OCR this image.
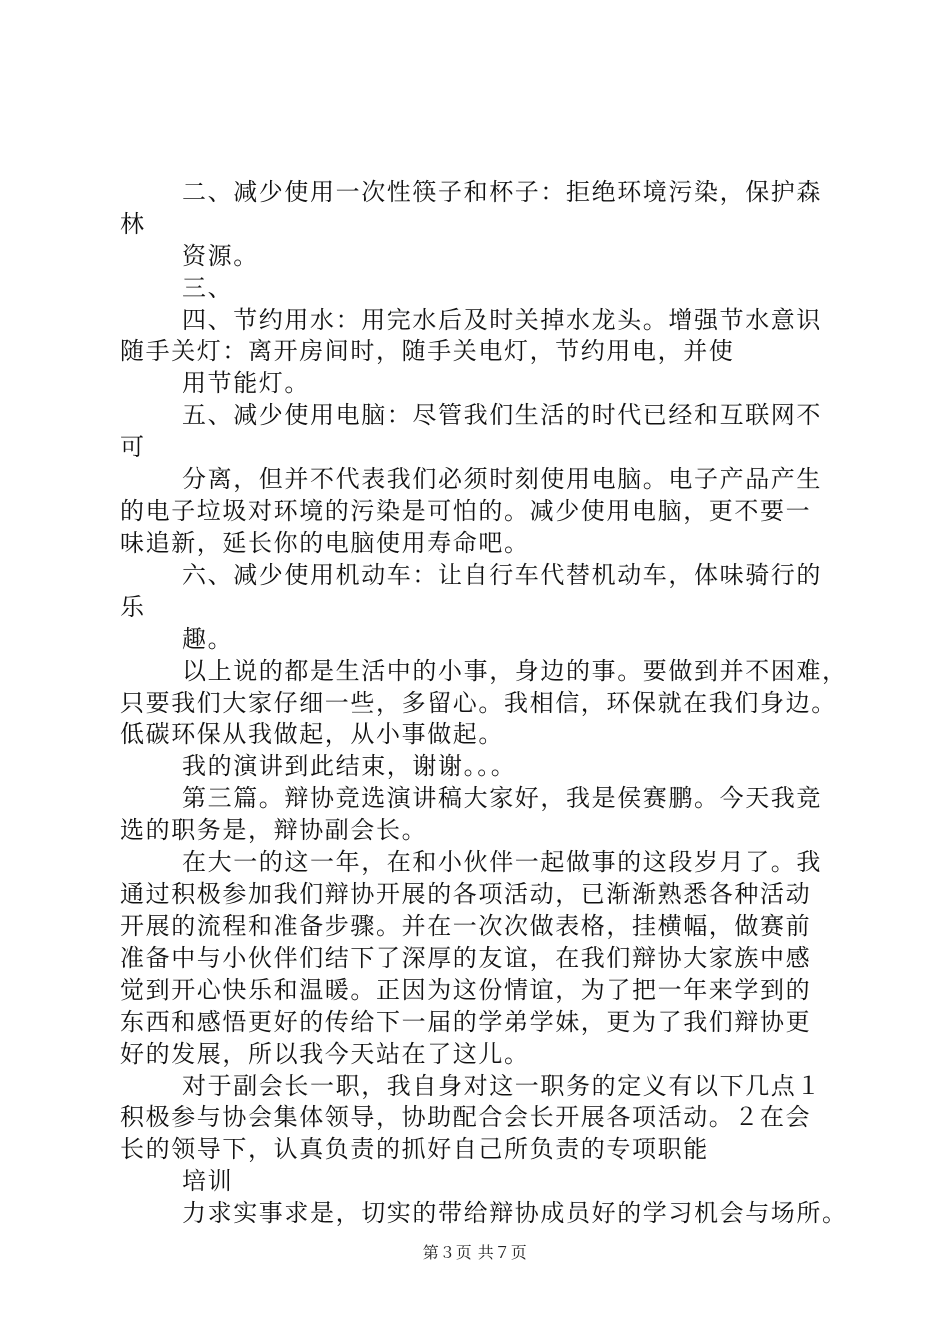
二、减少使用一次性筷子和杯子：拒绝环境污染，保护森
林
资源。
三、
四、节约用水：用完水后及时关掉水龙头。增强节水意识
随手关灯：离开房间时，随手关电灯，节约用电，并使
用节能灯。
五、减少使用电脑：尽管我们生活的时代已经和互联网不
可
分离，但并不代表我们必须时刻使用电脑。电子产品产生
的电子垃圾对环境的污染是可怕的。减少使用电脑，更不要一
味追新，延长你的电脑使用寿命吧。
六、减少使用机动车：让自行车代替机动车，体味骑行的
乐
趣。
以上说的都是生活中的小事，身边的事。要做到并不困难，
只要我们大家仔细一些，多留心。我相信，环保就在我们身边。
低碳环保从我做起，从小事做起。
我的演讲到此结束，谢谢。。。
第三篇。辩协竞选演讲稿大家好，我是侯赛鹏。今天我竞
选的职务是，辩协副会长。
在大一的这一年，在和小伙伴一起做事的这段岁月了。我
通过积极参加我们辩协开展的各项活动，已渐渐熟悉各种活动
开展的流程和准备步骤。并在一次次做表格，挂横幅，做赛前
准备中与小伙伴们结下了深厚的友谊，在我们辩协大家族中感
觉到开心快乐和温暖。正因为这份情谊，为了把一年来学到的
东西和感悟更好的传给下一届的学弟学妹，更为了我们辩协更
好的发展，所以我今天站在了这儿。
对于副会长一职，我自身对这一职务的定义有以下几点１
积极参与协会集体领导，协助配合会长开展各项活动。２在会
长的领导下，认真负责的抓好自己所负责的专项职能
培训
力求实事求是，切实的带给辩协成员好的学习机会与场所。
第３页 共７页
